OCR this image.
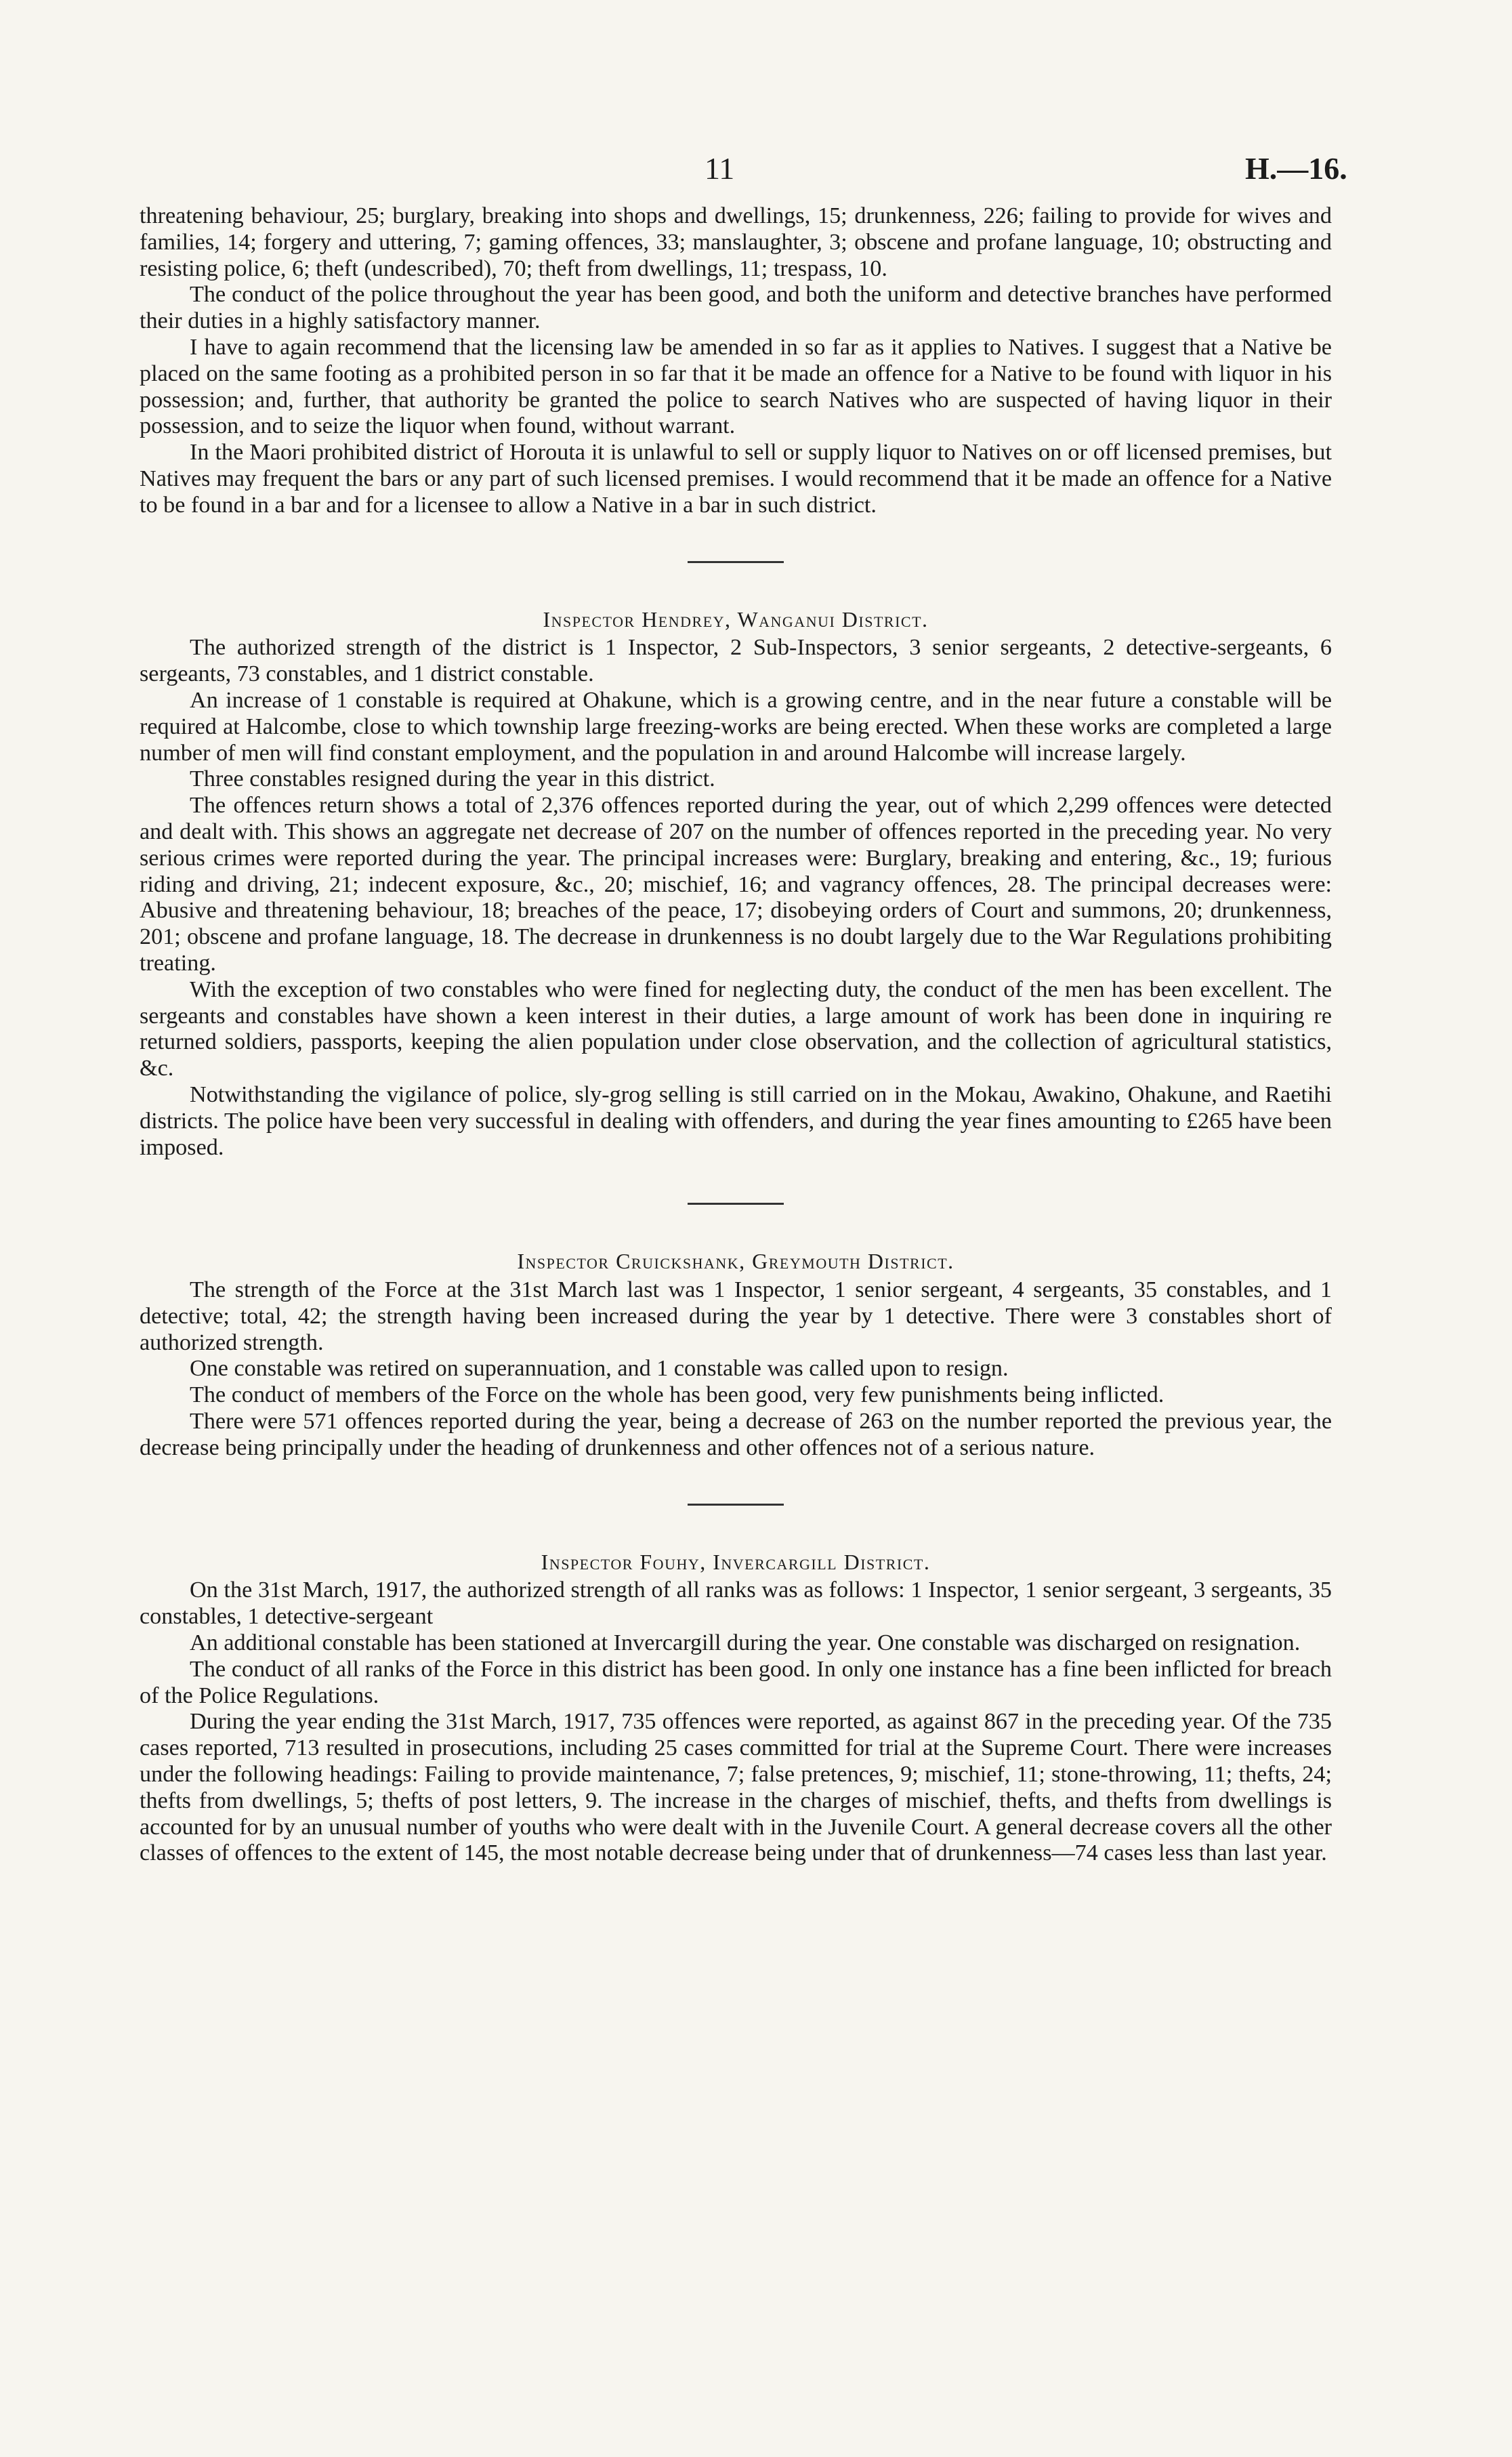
11	H.—16.

threatening behaviour, 25; burglary, breaking into shops and dwellings, 15; drunkenness, 226; failing to provide for wives and families, 14; forgery and uttering, 7; gaming offences, 33; manslaughter, 3; obscene and profane language, 10; obstructing and resisting police, 6; theft (undescribed), 70; theft from dwellings, 11; trespass, 10.

The conduct of the police throughout the year has been good, and both the uniform and detective branches have performed their duties in a highly satisfactory manner.

I have to again recommend that the licensing law be amended in so far as it applies to Natives. I suggest that a Native be placed on the same footing as a prohibited person in so far that it be made an offence for a Native to be found with liquor in his possession; and, further, that authority be granted the police to search Natives who are suspected of having liquor in their possession, and to seize the liquor when found, without warrant.

In the Maori prohibited district of Horouta it is unlawful to sell or supply liquor to Natives on or off licensed premises, but Natives may frequent the bars or any part of such licensed premises. I would recommend that it be made an offence for a Native to be found in a bar and for a licensee to allow a Native in a bar in such district.

Inspector Hendrey, Wanganui District.

The authorized strength of the district is 1 Inspector, 2 Sub-Inspectors, 3 senior sergeants, 2 detective-sergeants, 6 sergeants, 73 constables, and 1 district constable.

An increase of 1 constable is required at Ohakune, which is a growing centre, and in the near future a constable will be required at Halcombe, close to which township large freezing-works are being erected. When these works are completed a large number of men will find constant employment, and the population in and around Halcombe will increase largely.

Three constables resigned during the year in this district.

The offences return shows a total of 2,376 offences reported during the year, out of which 2,299 offences were detected and dealt with. This shows an aggregate net decrease of 207 on the number of offences reported in the preceding year. No very serious crimes were reported during the year. The principal increases were: Burglary, breaking and entering, &c., 19; furious riding and driving, 21; indecent exposure, &c., 20; mischief, 16; and vagrancy offences, 28. The principal decreases were: Abusive and threatening behaviour, 18; breaches of the peace, 17; disobeying orders of Court and summons, 20; drunkenness, 201; obscene and profane language, 18. The decrease in drunkenness is no doubt largely due to the War Regulations prohibiting treating.

With the exception of two constables who were fined for neglecting duty, the conduct of the men has been excellent. The sergeants and constables have shown a keen interest in their duties, a large amount of work has been done in inquiring re returned soldiers, passports, keeping the alien population under close observation, and the collection of agricultural statistics, &c.

Notwithstanding the vigilance of police, sly-grog selling is still carried on in the Mokau, Awakino, Ohakune, and Raetihi districts. The police have been very successful in dealing with offenders, and during the year fines amounting to £265 have been imposed.

Inspector Cruickshank, Greymouth District.

The strength of the Force at the 31st March last was 1 Inspector, 1 senior sergeant, 4 sergeants, 35 constables, and 1 detective; total, 42; the strength having been increased during the year by 1 detective. There were 3 constables short of authorized strength.

One constable was retired on superannuation, and 1 constable was called upon to resign.

The conduct of members of the Force on the whole has been good, very few punishments being inflicted.

There were 571 offences reported during the year, being a decrease of 263 on the number reported the previous year, the decrease being principally under the heading of drunkenness and other offences not of a serious nature.

Inspector Fouhy, Invercargill District.

On the 31st March, 1917, the authorized strength of all ranks was as follows: 1 Inspector, 1 senior sergeant, 3 sergeants, 35 constables, 1 detective-sergeant

An additional constable has been stationed at Invercargill during the year. One constable was discharged on resignation.

The conduct of all ranks of the Force in this district has been good. In only one instance has a fine been inflicted for breach of the Police Regulations.

During the year ending the 31st March, 1917, 735 offences were reported, as against 867 in the preceding year. Of the 735 cases reported, 713 resulted in prosecutions, including 25 cases committed for trial at the Supreme Court. There were increases under the following headings: Failing to provide maintenance, 7; false pretences, 9; mischief, 11; stone-throwing, 11; thefts, 24; thefts from dwellings, 5; thefts of post letters, 9. The increase in the charges of mischief, thefts, and thefts from dwellings is accounted for by an unusual number of youths who were dealt with in the Juvenile Court. A general decrease covers all the other classes of offences to the extent of 145, the most notable decrease being under that of drunkenness—74 cases less than last year.
